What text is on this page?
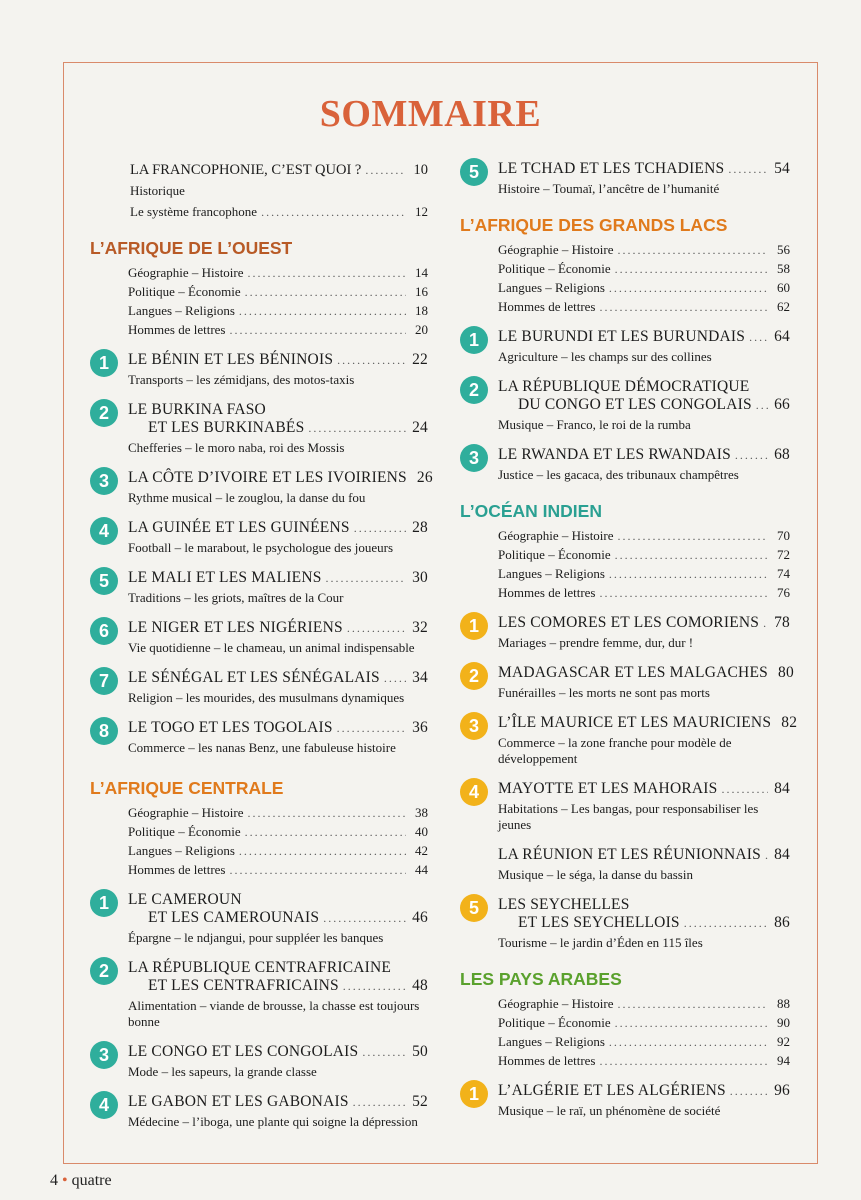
SOMMAIRE
LA FRANCOPHONIE, C’EST QUOI ? .....	10
Historique
Le système francophone .....	12
L’AFRIQUE DE L’OUEST
Géographie – Histoire .....	14
Politique – Économie .....	16
Langues – Religions .....	18
Hommes de lettres .....	20
1	LE BÉNIN ET LES BÉNINOIS .....	22
Transports – les zémidjans, des motos-taxis
2	LE BURKINA FASO
ET LES BURKINABÉS .....	24
Chefferies – le moro naba, roi des Mossis
3	LA CÔTE D’IVOIRE ET LES IVOIRIENS 26
Rythme musical – le zouglou, la danse du fou
4	LA GUINÉE ET LES GUINÉENS .....	28
Football – le marabout, le psychologue des joueurs
5	LE MALI ET LES MALIENS .....	30
Traditions – les griots, maîtres de la Cour
6	LE NIGER ET LES NIGÉRIENS .....	32
Vie quotidienne – le chameau, un animal indispensable
7	LE SÉNÉGAL ET LES SÉNÉGALAIS ..... 34
Religion – les mourides, des musulmans dynamiques
8	LE TOGO ET LES TOGOLAIS .....	36
Commerce – les nanas Benz, une fabuleuse histoire
L’AFRIQUE CENTRALE
Géographie – Histoire .....	38
Politique – Économie .....	40
Langues – Religions .....	42
Hommes de lettres .....	44
1	LE CAMEROUN
ET LES CAMEROUNAIS .....	46
Épargne – le ndjangui, pour suppléer les banques
2	LA RÉPUBLIQUE CENTRAFRICAINE
ET LES CENTRAFRICAINS .....	48
Alimentation – viande de brousse, la chasse est toujours bonne
3	LE CONGO ET LES CONGOLAIS .....	50
Mode – les sapeurs, la grande classe
4	LE GABON ET LES GABONAIS .....	52
Médecine – l’iboga, une plante qui soigne la dépression
5	LE TCHAD ET LES TCHADIENS .....	54
Histoire – Toumaï, l’ancêtre de l’humanité
L’AFRIQUE DES GRANDS LACS
Géographie – Histoire .....	56
Politique – Économie .....	58
Langues – Religions .....	60
Hommes de lettres .....	62
1	LE BURUNDI ET LES BURUNDAIS ..... 64
Agriculture – les champs sur des collines
2	LA RÉPUBLIQUE DÉMOCRATIQUE
DU CONGO ET LES CONGOLAIS ..... 66
Musique – Franco, le roi de la rumba
3	LE RWANDA ET LES RWANDAIS .....	68
Justice – les gacaca, des tribunaux champêtres
L’OCÉAN INDIEN
Géographie – Histoire .....	70
Politique – Économie .....	72
Langues – Religions .....	74
Hommes de lettres .....	76
1	LES COMORES ET LES COMORIENS ..... 78
Mariages – prendre femme, dur, dur !
2	MADAGASCAR ET LES MALGACHES 80
Funérailles – les morts ne sont pas morts
3	L’ÎLE MAURICE ET LES MAURICIENS 82
Commerce – la zone franche pour modèle de développement
4	MAYOTTE ET LES MAHORAIS .....	84
Habitations – Les bangas, pour responsabiliser les jeunes
LA RÉUNION ET LES RÉUNIONNAIS ..... 84
Musique – le séga, la danse du bassin
5	LES SEYCHELLES
ET LES SEYCHELLOIS .....	86
Tourisme – le jardin d’Éden en 115 îles
LES PAYS ARABES
Géographie – Histoire .....	88
Politique – Économie .....	90
Langues – Religions .....	92
Hommes de lettres .....	94
1	L’ALGÉRIE ET LES ALGÉRIENS .....	96
Musique – le raï, un phénomène de société
4 • quatre
